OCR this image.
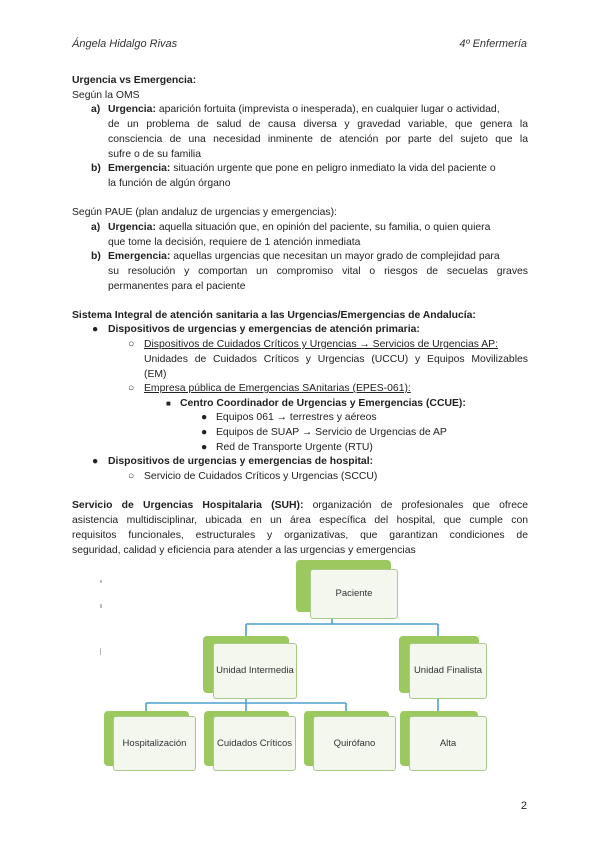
Ángela Hidalgo Rivas	4º Enfermería
Urgencia vs Emergencia:
Según la OMS
a) Urgencia: aparición fortuita (imprevista o inesperada), en cualquier lugar o actividad,
de un problema de salud de causa diversa y gravedad variable, que genera la
consciencia de una necesidad inminente de atención por parte del sujeto que la
sufre o de su familia
b) Emergencia: situación urgente que pone en peligro inmediato la vida del paciente o
la función de algún órgano
Según PAUE (plan andaluz de urgencias y emergencias):
a) Urgencia: aquella situación que, en opinión del paciente, su familia, o quien quiera
que tome la decisión, requiere de 1 atención inmediata
b) Emergencia: aquellas urgencias que necesitan un mayor grado de complejidad para
su resolución y comportan un compromiso vital o riesgos de secuelas graves
permanentes para el paciente
Sistema Integral de atención sanitaria a las Urgencias/Emergencias de Andalucía:
● Dispositivos de urgencias y emergencias de atención primaria:
○ Dispositivos de Cuidados Críticos y Urgencias → Servicios de Urgencias AP:
Unidades de Cuidados Críticos y Urgencias (UCCU) y Equipos Movilizables
(EM)
○ Empresa pública de Emergencias SAnitarias (EPES-061):
■ Centro Coordinador de Urgencias y Emergencias (CCUE):
● Equipos 061 → terrestres y aéreos
● Equipos de SUAP → Servicio de Urgencias de AP
● Red de Transporte Urgente (RTU)
● Dispositivos de urgencias y emergencias de hospital:
○ Servicio de Cuidados Críticos y Urgencias (SCCU)
Servicio de Urgencias Hospitalaria (SUH): organización de profesionales que ofrece
asistencia multidisciplinar, ubicada en un área específica del hospital, que cumple con
requisitos funcionales, estructurales y organizativas, que garantizan condiciones de
seguridad, calidad y eficiencia para atender a las urgencias y emergencias
Paciente
Unidad Intermedia	Unidad Finalista
Hospitalización	Cuidados Críticos	Quirófano	Alta
2
